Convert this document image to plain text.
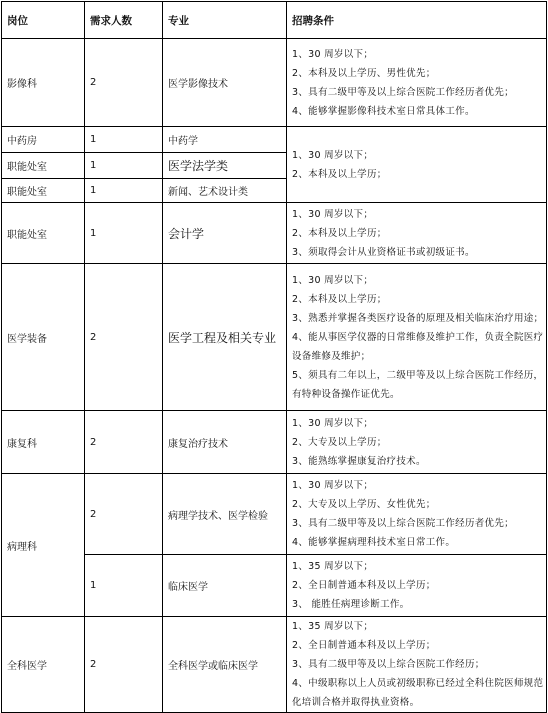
岗位	需求人数	专业	招聘条件
影像科	2	医学影像技术	1、30 周岁以下；
2、本科及以上学历、男性优先；
3、具有二级甲等及以上综合医院工作经历者优先；
4、能够掌握影像科技术室日常具体工作。

中药房	1	中药学	1、30 周岁以下；
2、本科及以上学历；

职能处室	1	医学法学类	
职能处室	1	新闻、艺术设计类	
职能处室	1	会计学	1、30 周岁以下；
2、本科及以上学历；
3、须取得会计从业资格证书或初级证书。

医学装备	2	医学工程及相关专业	1、30 周岁以下；
2、本科及以上学历；
3、熟悉并掌握各类医疗设备的原理及相关临床治疗用途；
4、能从事医学仪器的日常维修及维护工作，负责全院医疗设备维修及维护；
5、须具有二年以上，二级甲等及以上综合医院工作经历，有特种设备操作证优先。

康复科	2	康复治疗技术	1、30 周岁以下；
2、大专及以上学历；
3、能熟练掌握康复治疗技术。

病理科	2	病理学技术、医学检验	1、30 周岁以下；
2、大专及以上学历、女性优先；
3、具有二级甲等及以上综合医院工作经历者优先；
4、能够掌握病理科技术室日常工作。

	1	临床医学	1、35 周岁以下；
2、全日制普通本科及以上学历；
3、 能胜任病理诊断工作。

全科医学	2	全科医学或临床医学	1、35 周岁以下；
2、全日制普通本科及以上学历；
3、具有二级甲等及以上综合医院工作经历；
4、中级职称以上人员或初级职称已经过全科住院医师规范化培训合格并取得执业资格。
